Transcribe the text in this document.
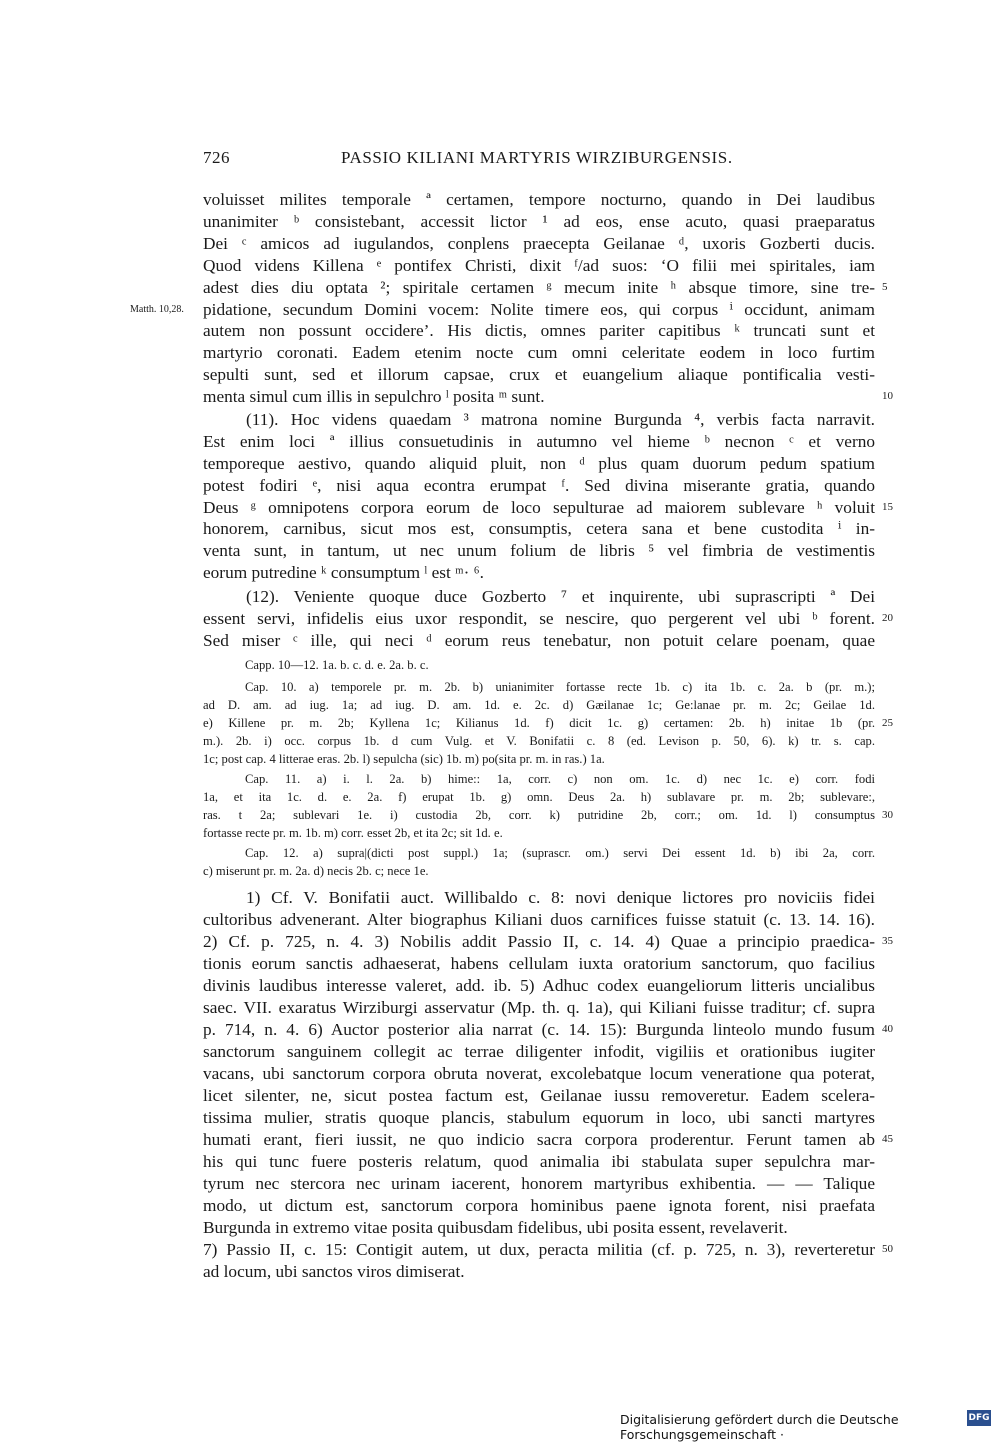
726	PASSIO KILIANI MARTYRIS WIRZIBURGENSIS.
voluisset milites temporale ª certamen, tempore nocturno, quando in Dei laudibus
unanimiter ᵇ consistebant, accessit lictor ¹ ad eos, ense acuto, quasi praeparatus
Dei ᶜ amicos ad iugulandos, conplens praecepta Geilanae ᵈ, uxoris Gozberti ducis.
Quod videns Killena ᵉ pontifex Christi, dixit ᶠ/ad suos: ‘O filii mei spiritales, iam
adest dies diu optata ²; spiritale certamen ᵍ mecum inite ʰ absque timore, sine tre-
pidatione, secundum Domini vocem: Nolite timere eos, qui corpus ⁱ occidunt, animam
autem non possunt occidere’. His dictis, omnes pariter capitibus ᵏ truncati sunt et
martyrio coronati. Eadem etenim nocte cum omni celeritate eodem in loco furtim
sepulti sunt, sed et illorum capsae, crux et euangelium aliaque pontificalia vesti-
menta simul cum illis in sepulchro ˡ posita ᵐ sunt.
(11). Hoc videns quaedam ³ matrona nomine Burgunda ⁴, verbis facta narravit.
Est enim loci ª illius consuetudinis in autumno vel hieme ᵇ necnon ᶜ et verno
temporeque aestivo, quando aliquid pluit, non ᵈ plus quam duorum pedum spatium
potest fodiri ᵉ, nisi aqua econtra erumpat ᶠ. Sed divina miserante gratia, quando
Deus ᵍ omnipotens corpora eorum de loco sepulturae ad maiorem sublevare ʰ voluit
honorem, carnibus, sicut mos est, consumptis, cetera sana et bene custodita ⁱ in-
venta sunt, in tantum, ut nec unum folium de libris ⁵ vel fimbria de vestimentis
eorum putredine ᵏ consumptum ˡ est ᵐ· ⁶.
(12). Veniente quoque duce Gozberto ⁷ et inquirente, ubi suprascripti ª Dei
essent servi, infidelis eius uxor respondit, se nescire, quo pergerent vel ubi ᵇ forent.
Sed miser ᶜ ille, qui neci ᵈ eorum reus tenebatur, non potuit celare poenam, quae
Matth. 10,28.
5
10
15
20
Capp. 10—12. 1a. b. c. d. e. 2a. b. c.
Cap. 10. a) temporele pr. m. 2b. b) unianimiter fortasse recte 1b. c) ita 1b. c. 2a. b (pr. m.);
ad D. am. ad iug. 1a; ad iug. D. am. 1d. e. 2c. d) Gæilanae 1c; Ge:lanae pr. m. 2c; Geilae 1d.
e) Killene pr. m. 2b; Kyllena 1c; Kilianus 1d. f) dicit 1c. g) certamen: 2b. h) initae 1b (pr.
m.). 2b. i) occ. corpus 1b. d cum Vulg. et V. Bonifatii c. 8 (ed. Levison p. 50, 6). k) tr. s. cap.
1c; post cap. 4 litterae eras. 2b. l) sepulcha (sic) 1b. m) po(sita pr. m. in ras.) 1a.
Cap. 11. a) i. l. 2a. b) hime:: 1a, corr. c) non om. 1c. d) nec 1c. e) corr. fodi
1a, et ita 1c. d. e. 2a. f) erupat 1b. g) omn. Deus 2a. h) sublavare pr. m. 2b; sublevare:,
ras. t 2a; sublevari 1e. i) custodia 2b, corr. k) putridine 2b, corr.; om. 1d. l) consumptus
fortasse recte pr. m. 1b. m) corr. esset 2b, et ita 2c; sit 1d. e.
Cap. 12. a) supra|(dicti post suppl.) 1a; (suprascr. om.) servi Dei essent 1d. b) ibi 2a, corr.
c) miserunt pr. m. 2a. d) necis 2b. c; nece 1e.
25
30
1) Cf. V. Bonifatii auct. Willibaldo c. 8: novi denique lictores pro noviciis fidei
cultoribus advenerant. Alter biographus Kiliani duos carnifices fuisse statuit (c. 13. 14. 16).
2) Cf. p. 725, n. 4. 3) Nobilis addit Passio II, c. 14. 4) Quae a principio praedica-
tionis eorum sanctis adhaeserat, habens cellulam iuxta oratorium sanctorum, quo facilius
divinis laudibus interesse valeret, add. ib. 5) Adhuc codex euangeliorum litteris uncialibus
saec. VII. exaratus Wirziburgi asservatur (Mp. th. q. 1a), qui Kiliani fuisse traditur; cf. supra
p. 714, n. 4. 6) Auctor posterior alia narrat (c. 14. 15): Burgunda linteolo mundo fusum
sanctorum sanguinem collegit ac terrae diligenter infodit, vigiliis et orationibus iugiter
vacans, ubi sanctorum corpora obruta noverat, excolebatque locum veneratione qua poterat,
licet silenter, ne, sicut postea factum est, Geilanae iussu removeretur. Eadem scelera-
tissima mulier, stratis quoque plancis, stabulum equorum in loco, ubi sancti martyres
humati erant, fieri iussit, ne quo indicio sacra corpora proderentur. Ferunt tamen ab
his qui tunc fuere posteris relatum, quod animalia ibi stabulata super sepulchra mar-
tyrum nec stercora nec urinam iacerent, honorem martyribus exhibentia. — — Talique
modo, ut dictum est, sanctorum corpora hominibus paene ignota forent, nisi praefata
Burgunda in extremo vitae posita quibusdam fidelibus, ubi posita essent, revelaverit.
7) Passio II, c. 15: Contigit autem, ut dux, peracta militia (cf. p. 725, n. 3), reverteretur
ad locum, ubi sanctos viros dimiserat.
35
40
45
50
Digitalisierung gefördert durch die Deutsche Forschungsgemeinschaft ·
DFG
